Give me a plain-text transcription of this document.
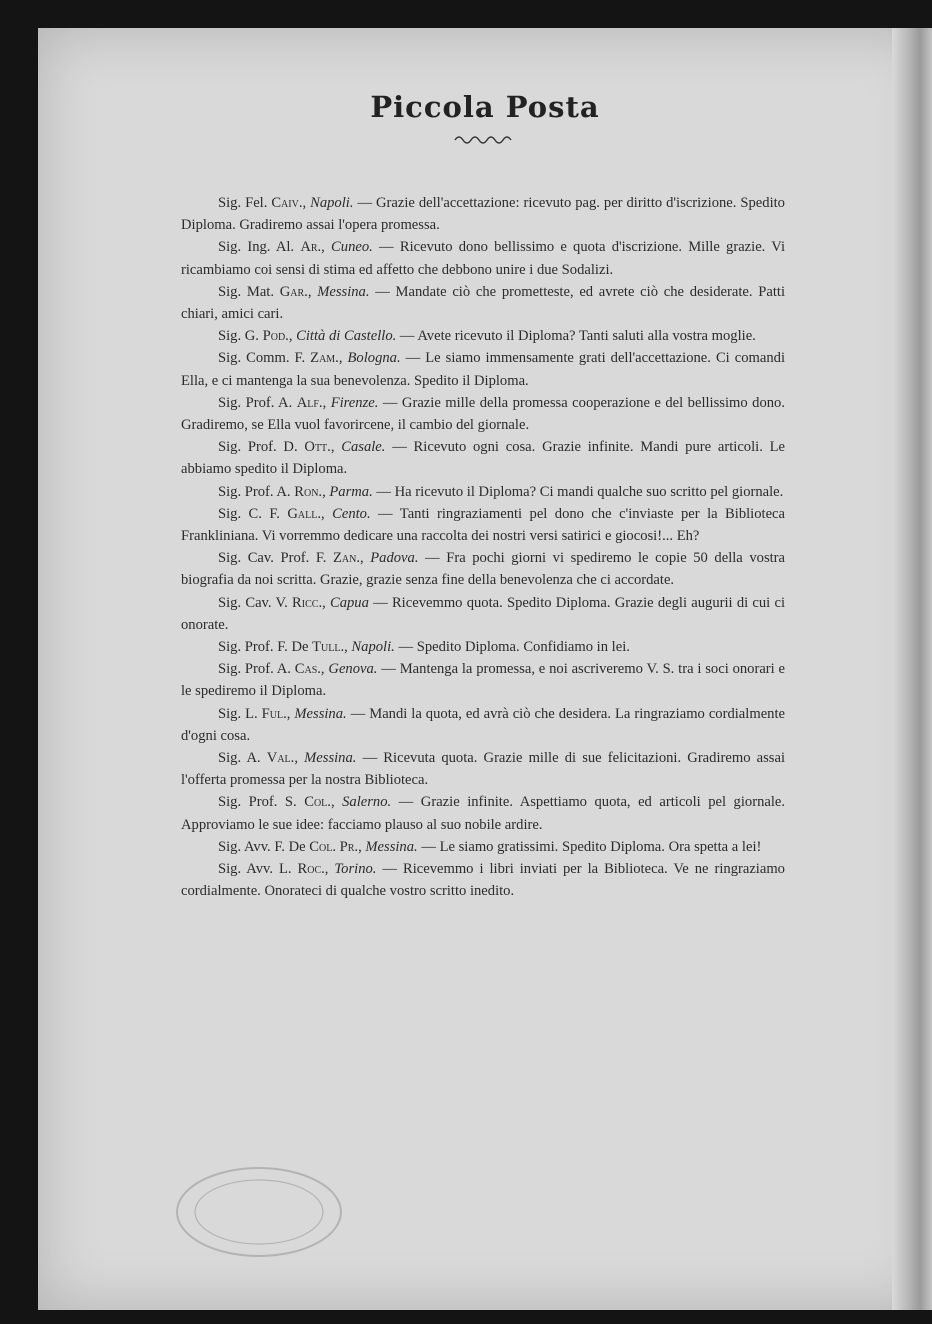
Piccola Posta

Sig. Fel. Caiv., Napoli. — Grazie dell'accettazione: ricevuto pag. per diritto d'iscrizione. Spedito Diploma. Gradiremo assai l'opera promessa.

Sig. Ing. Al. Ar., Cuneo. — Ricevuto dono bellissimo e quota d'iscrizione. Mille grazie. Vi ricambiamo coi sensi di stima ed affetto che debbono unire i due Sodalizi.

Sig. Mat. Gar., Messina. — Mandate ciò che prometteste, ed avrete ciò che desiderate. Patti chiari, amici cari.

Sig. G. Pod., Città di Castello. — Avete ricevuto il Diploma? Tanti saluti alla vostra moglie.

Sig. Comm. F. Zam., Bologna. — Le siamo immensamente grati dell'accettazione. Ci comandi Ella, e ci mantenga la sua benevolenza. Spedito il Diploma.

Sig. Prof. A. Alf., Firenze. — Grazie mille della promessa cooperazione e del bellissimo dono. Gradiremo, se Ella vuol favorircene, il cambio del giornale.

Sig. Prof. D. Ott., Casale. — Ricevuto ogni cosa. Grazie infinite. Mandi pure articoli. Le abbiamo spedito il Diploma.

Sig. Prof. A. Ron., Parma. — Ha ricevuto il Diploma? Ci mandi qualche suo scritto pel giornale.

Sig. C. F. Gall., Cento. — Tanti ringraziamenti pel dono che c'inviaste per la Biblioteca Frankliniana. Vi vorremmo dedicare una raccolta dei nostri versi satirici e giocosi!... Eh?

Sig. Cav. Prof. F. Zan., Padova. — Fra pochi giorni vi spediremo le copie 50 della vostra biografia da noi scritta. Grazie, grazie senza fine della benevolenza che ci accordate.

Sig. Cav. V. Ricc., Capua — Ricevemmo quota. Spedito Diploma. Grazie degli augurii di cui ci onorate.

Sig. Prof. F. De Tull., Napoli. — Spedito Diploma. Confidiamo in lei.

Sig. Prof. A. Cas., Genova. — Mantenga la promessa, e noi ascriveremo V. S. tra i soci onorari e le spediremo il Diploma.

Sig. L. Ful., Messina. — Mandi la quota, ed avrà ciò che desidera. La ringraziamo cordialmente d'ogni cosa.

Sig. A. Val., Messina. — Ricevuta quota. Grazie mille di sue felicitazioni. Gradiremo assai l'offerta promessa per la nostra Biblioteca.

Sig. Prof. S. Col., Salerno. — Grazie infinite. Aspettiamo quota, ed articoli pel giornale. Approviamo le sue idee: facciamo plauso al suo nobile ardire.

Sig. Avv. F. De Col. Pr., Messina. — Le siamo gratissimi. Spedito Diploma. Ora spetta a lei!

Sig. Avv. L. Roc., Torino. — Ricevemmo i libri inviati per la Biblioteca. Ve ne ringraziamo cordialmente. Onorateci di qualche vostro scritto inedito.
